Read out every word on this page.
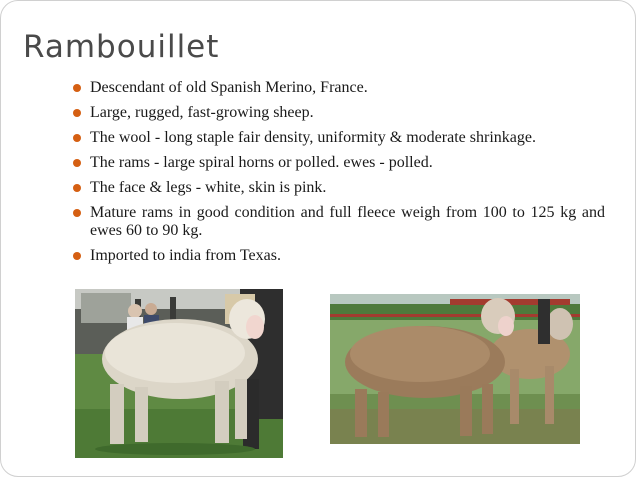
Rambouillet
Descendant of old Spanish Merino, France.
Large, rugged, fast-growing sheep.
The wool - long staple fair density, uniformity & moderate shrinkage.
The rams - large spiral horns or polled. ewes - polled.
The face & legs - white, skin is pink.
Mature rams in good condition and full fleece weigh from 100 to 125 kg and ewes 60 to 90 kg.
Imported to india from Texas.
